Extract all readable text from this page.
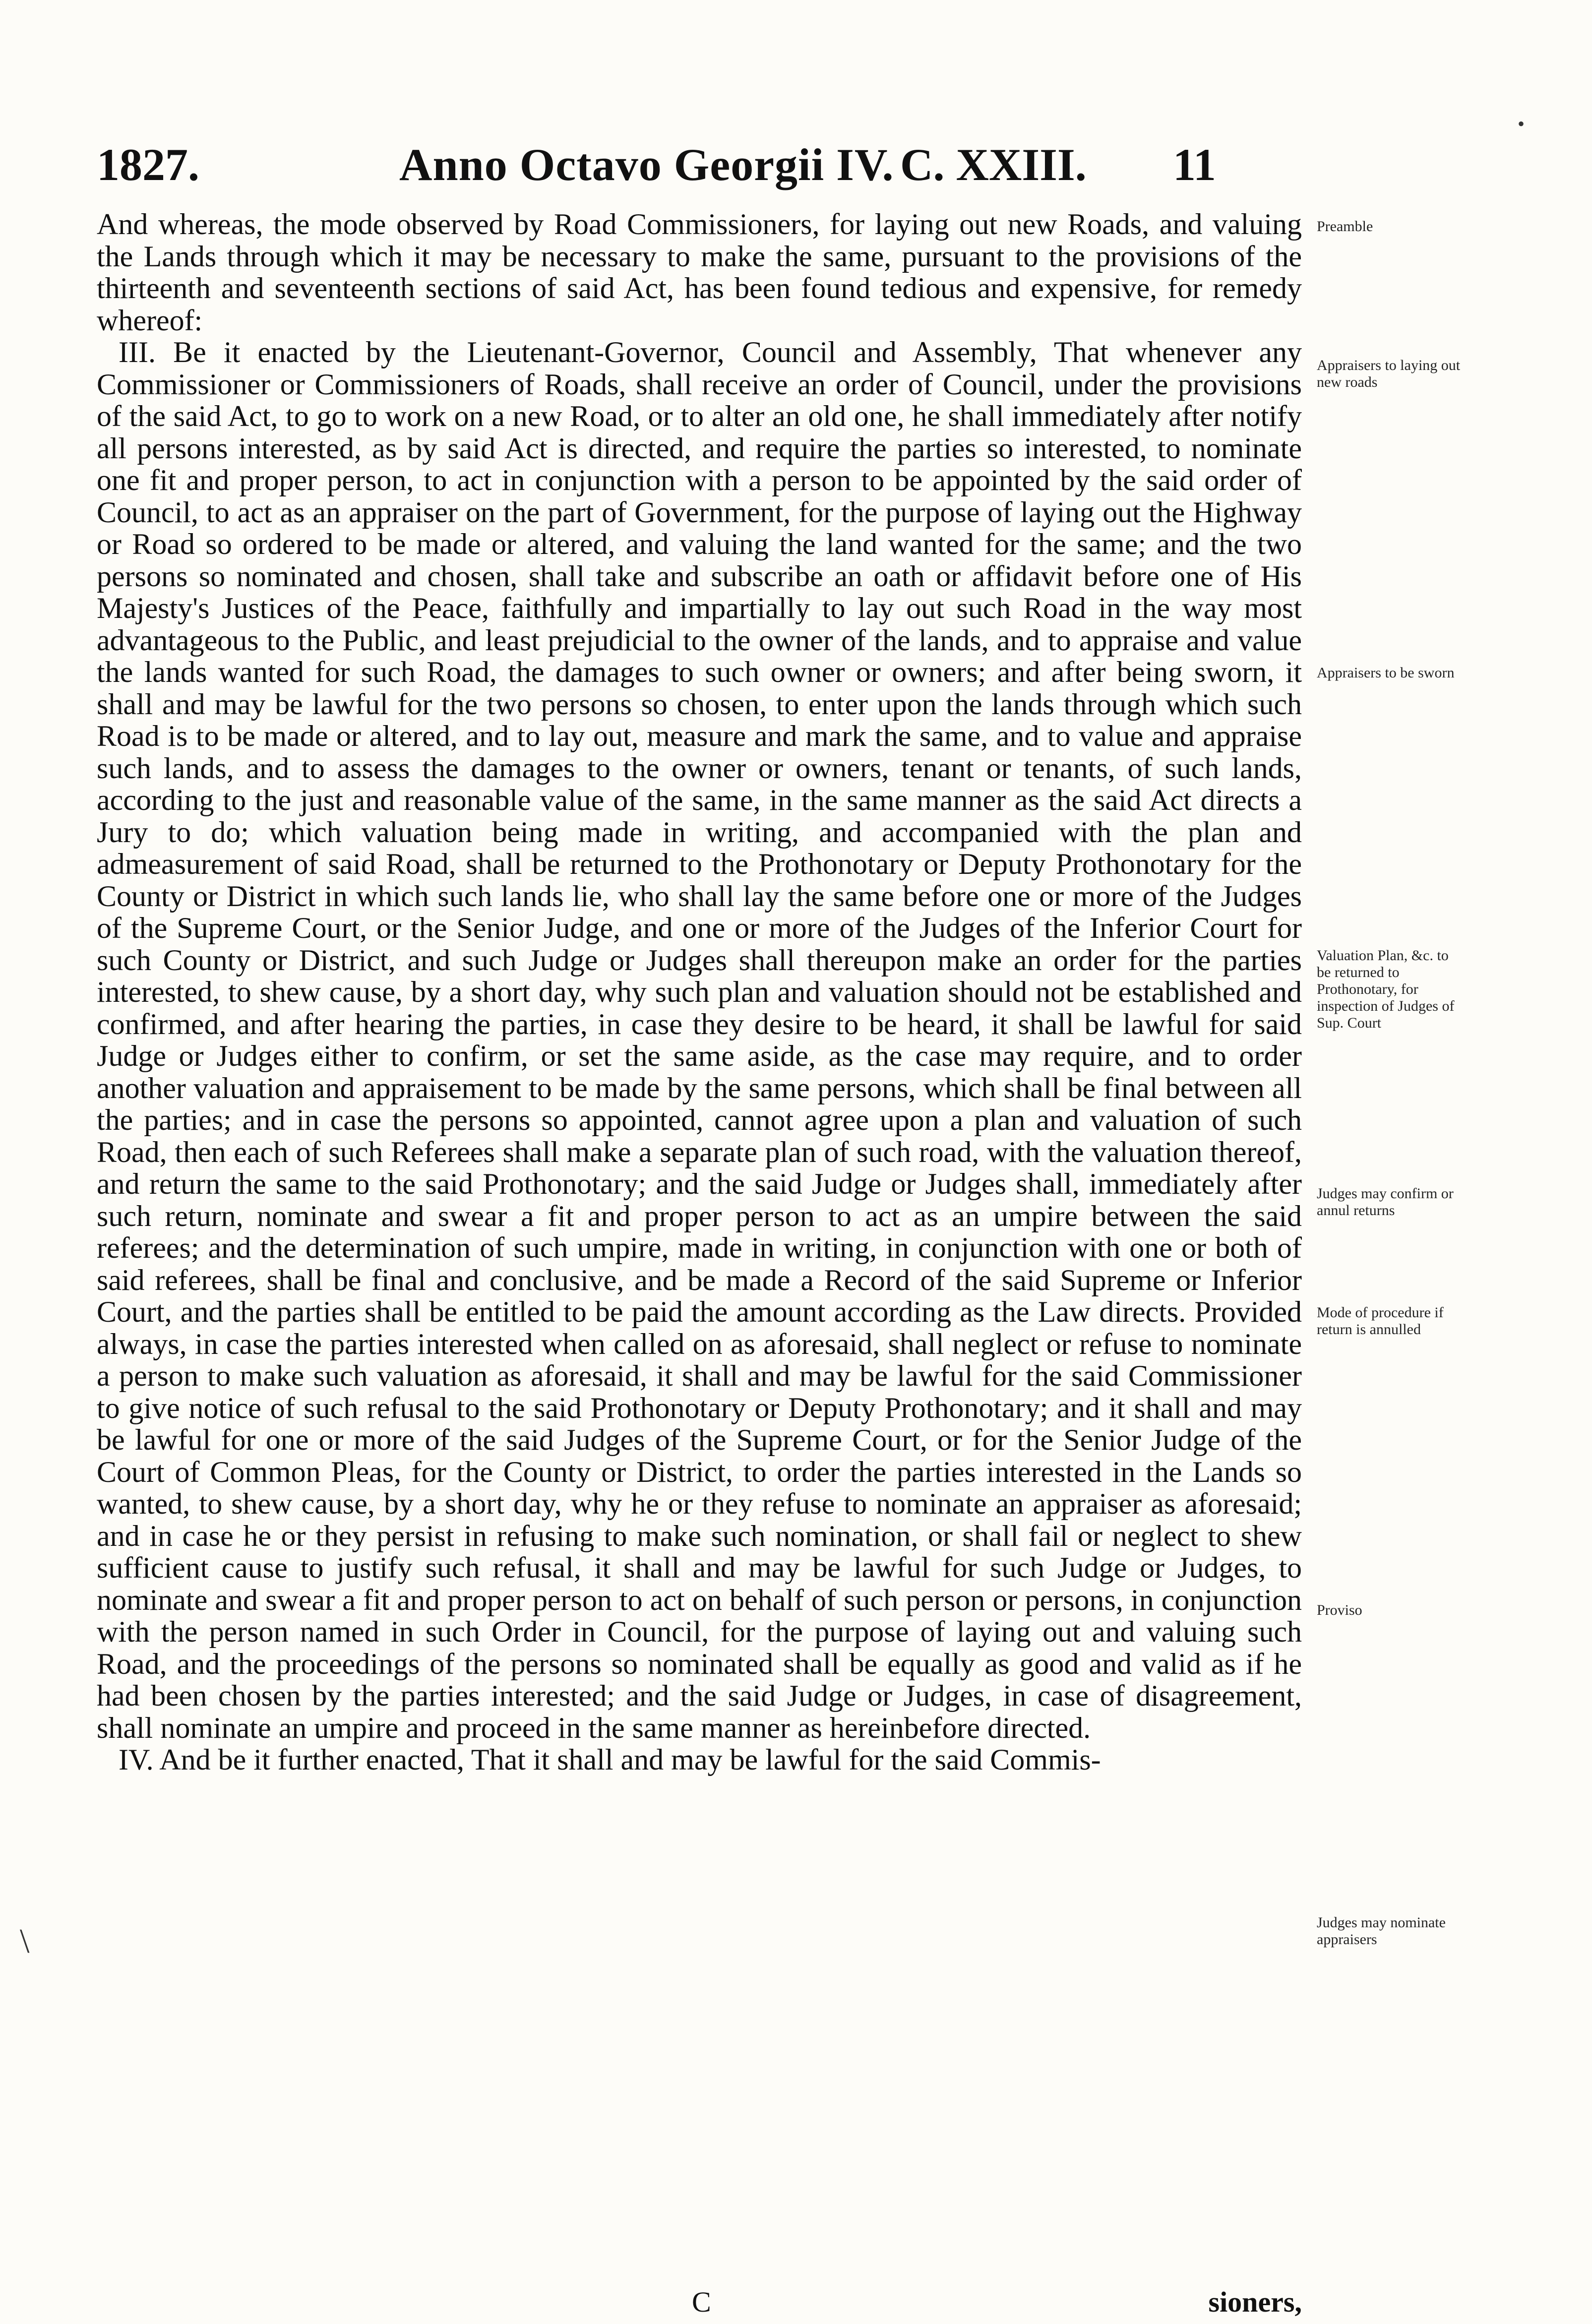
1827.	Anno Octavo Georgii IV. C. XXIII. 11

And whereas, the mode observed by Road Commissioners, for laying out new Roads, and valuing the Lands through which it may be necessary to make the same, pursuant to the provisions of the thirteenth and seventeenth sections of said Act, has been found tedious and expensive, for remedy whereof:

III. Be it enacted by the Lieutenant-Governor, Council and Assembly, That whenever any Commissioner or Commissioners of Roads, shall receive an order of Council, under the provisions of the said Act, to go to work on a new Road, or to alter an old one, he shall immediately after notify all persons interested, as by said Act is directed, and require the parties so interested, to nominate one fit and proper person, to act in conjunction with a person to be appointed by the said order of Council, to act as an appraiser on the part of Government, for the purpose of laying out the Highway or Road so ordered to be made or altered, and valuing the land wanted for the same; and the two persons so nominated and chosen, shall take and subscribe an oath or affidavit before one of His Majesty's Justices of the Peace, faithfully and impartially to lay out such Road in the way most advantageous to the Public, and least prejudicial to the owner of the lands, and to appraise and value the lands wanted for such Road, the damages to such owner or owners; and after being sworn, it shall and may be lawful for the two persons so chosen, to enter upon the lands through which such Road is to be made or altered, and to lay out, measure and mark the same, and to value and appraise such lands, and to assess the damages to the owner or owners, tenant or tenants, of such lands, according to the just and reasonable value of the same, in the same manner as the said Act directs a Jury to do; which valuation being made in writing, and accompanied with the plan and admeasurement of said Road, shall be returned to the Prothonotary or Deputy Prothonotary for the County or District in which such lands lie, who shall lay the same before one or more of the Judges of the Supreme Court, or the Senior Judge, and one or more of the Judges of the Inferior Court for such County or District, and such Judge or Judges shall thereupon make an order for the parties interested, to shew cause, by a short day, why such plan and valuation should not be established and confirmed, and after hearing the parties, in case they desire to be heard, it shall be lawful for said Judge or Judges either to confirm, or set the same aside, as the case may require, and to order another valuation and appraisement to be made by the same persons, which shall be final between all the parties; and in case the persons so appointed, cannot agree upon a plan and valuation of such Road, then each of such Referees shall make a separate plan of such road, with the valuation thereof, and return the same to the said Prothonotary; and the said Judge or Judges shall, immediately after such return, nominate and swear a fit and proper person to act as an umpire between the said referees; and the determination of such umpire, made in writing, in conjunction with one or both of said referees, shall be final and conclusive, and be made a Record of the said Supreme or Inferior Court, and the parties shall be entitled to be paid the amount according as the Law directs. Provided always, in case the parties interested when called on as aforesaid, shall neglect or refuse to nominate a person to make such valuation as aforesaid, it shall and may be lawful for the said Commissioner to give notice of such refusal to the said Prothonotary or Deputy Prothonotary; and it shall and may be lawful for one or more of the said Judges of the Supreme Court, or for the Senior Judge of the Court of Common Pleas, for the County or District, to order the parties interested in the Lands so wanted, to shew cause, by a short day, why he or they refuse to nominate an appraiser as aforesaid; and in case he or they persist in refusing to make such nomination, or shall fail or neglect to shew sufficient cause to justify such refusal, it shall and may be lawful for such Judge or Judges, to nominate and swear a fit and proper person to act on behalf of such person or persons, in conjunction with the person named in such Order in Council, for the purpose of laying out and valuing such Road, and the proceedings of the persons so nominated shall be equally as good and valid as if he had been chosen by the parties interested; and the said Judge or Judges, in case of disagreement, shall nominate an umpire and proceed in the same manner as hereinbefore directed.

IV. And be it further enacted, That it shall and may be lawful for the said Commis-

Preamble
Appraisers to laying out new roads
Appraisers to be sworn
Valuation Plan, &c. to be returned to Prothonotary, for inspection of Judges of Sup. Court
Judges may confirm or annul returns
Mode of procedure if return is annulled
Proviso
Judges may nominate appraisers
C	sioners,
\
•
